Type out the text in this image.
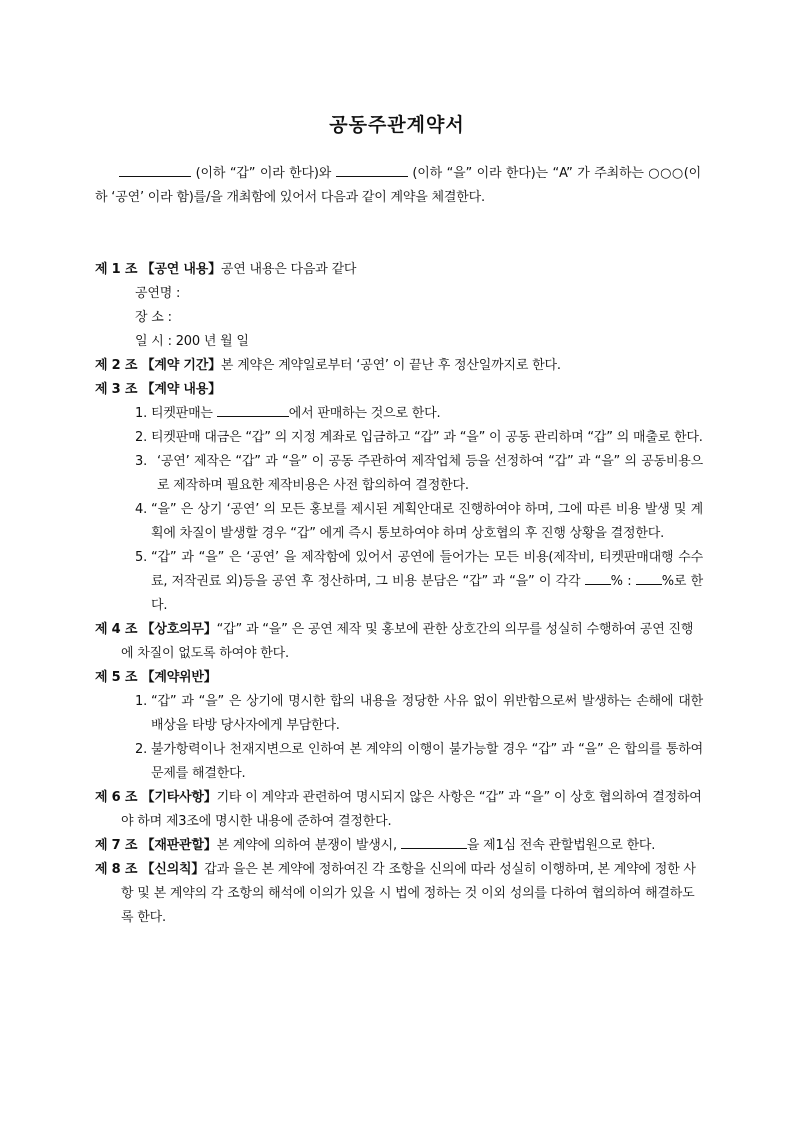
공동주관계약서

(이하 “갑” 이라 한다)와	(이하 “을” 이라 한다)는 “A” 가 주최하는 ○○○(이하 ‘공연’ 이라 함)를/을 개최함에 있어서 다음과 같이 계약을 체결한다.

제 1 조 【공연 내용】공연 내용은 다음과 같다
공연명 :
장 소 :
일 시 : 200 년 월 일
제 2 조 【계약 기간】본 계약은 계약일로부터 ‘공연’ 이 끝난 후 정산일까지로 한다.
제 3 조 【계약 내용】
1. 티켓판매는	에서 판매하는 것으로 한다.
2. 티켓판매 대금은 “갑” 의 지정 계좌로 입금하고 “갑” 과 “을” 이 공동 관리하며 “갑” 의 매출로 한다.
3. ‘공연’ 제작은 “갑” 과 “을” 이 공동 주관하여 제작업체 등을 선정하여 “갑” 과 “을” 의 공동비용으로 제작하며 필요한 제작비용은 사전 합의하여 결정한다.
4. “을” 은 상기 ‘공연’ 의 모든 홍보를 제시된 계획안대로 진행하여야 하며, 그에 따른 비용 발생 및 계획에 차질이 발생할 경우 “갑” 에게 즉시 통보하여야 하며 상호협의 후 진행 상황을 결정한다.
5. “갑” 과 “을” 은 ‘공연’ 을 제작함에 있어서 공연에 들어가는 모든 비용(제작비, 티켓판매대행 수수료, 저작권료 외)등을 공연 후 정산하며, 그 비용 분담은 “갑” 과 “을” 이 각각 % : %로 한다.
제 4 조 【상호의무】“갑” 과 “을” 은 공연 제작 및 홍보에 관한 상호간의 의무를 성실히 수행하여 공연 진행에 차질이 없도록 하여야 한다.
제 5 조 【계약위반】
1. “갑” 과 “을” 은 상기에 명시한 합의 내용을 정당한 사유 없이 위반함으로써 발생하는 손해에 대한 배상을 타방 당사자에게 부담한다.
2. 불가항력이나 천재지변으로 인하여 본 계약의 이행이 불가능할 경우 “갑” 과 “을” 은 합의를 통하여 문제를 해결한다.
제 6 조 【기타사항】기타 이 계약과 관련하여 명시되지 않은 사항은 “갑” 과 “을” 이 상호 협의하여 결정하여야 하며 제3조에 명시한 내용에 준하여 결정한다.
제 7 조 【재판관할】본 계약에 의하여 분쟁이 발생시,	을 제1심 전속 관할법원으로 한다.
제 8 조 【신의칙】갑과 을은 본 계약에 정하여진 각 조항을 신의에 따라 성실히 이행하며, 본 계약에 정한 사항 및 본 계약의 각 조항의 해석에 이의가 있을 시 법에 정하는 것 이외 성의를 다하여 협의하여 해결하도록 한다.
